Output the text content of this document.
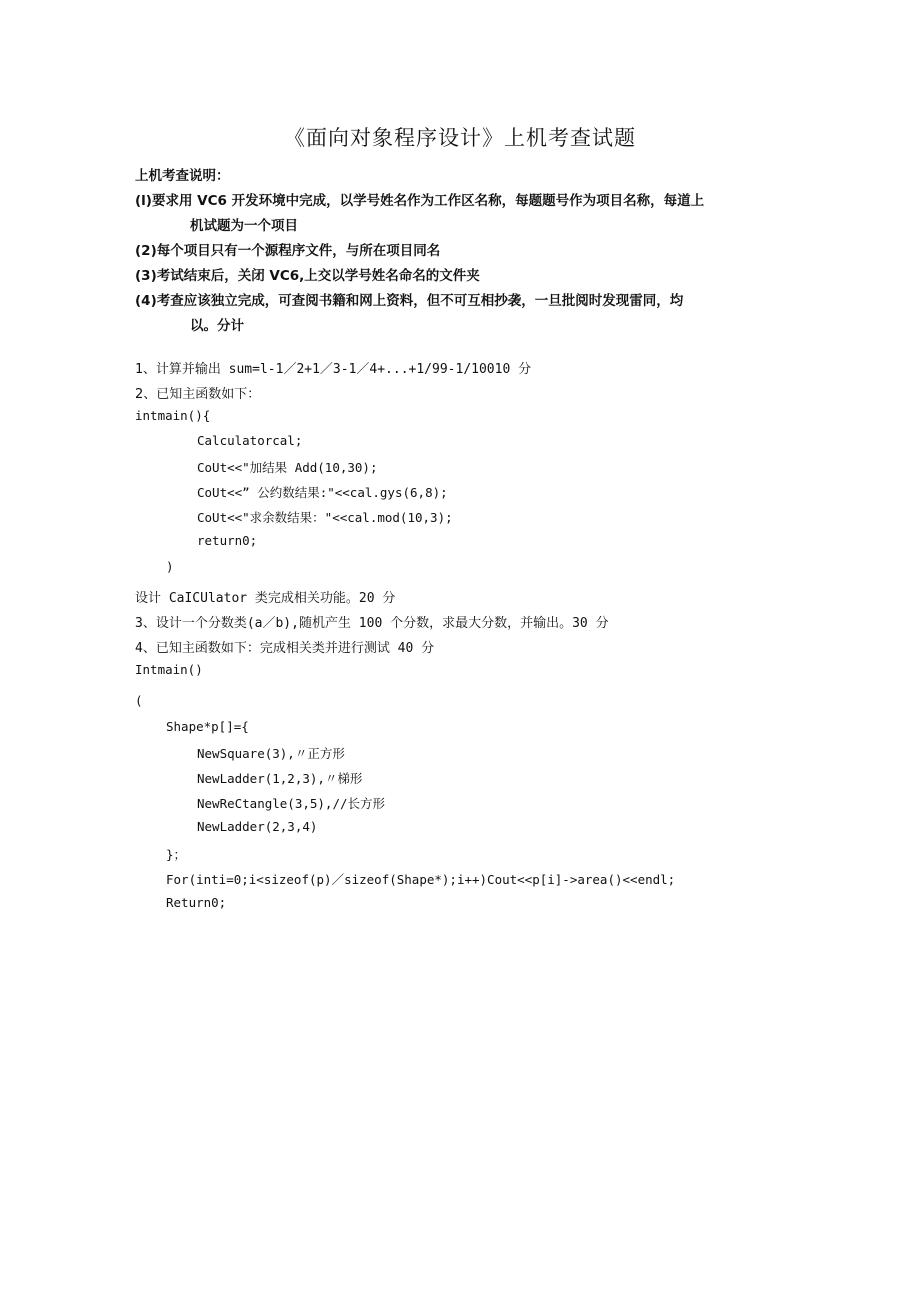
《面向对象程序设计》上机考查试题
上机考查说明：
(l)要求用 VC6 开发环境中完成，以学号姓名作为工作区名称，每题题号作为项目名称，每道上
机试题为一个项目
(2)每个项目只有一个源程序文件，与所在项目同名
(3)考试结束后，关闭 VC6,上交以学号姓名命名的文件夹
(4)考查应该独立完成，可查阅书籍和网上资料，但不可互相抄袭，一旦批阅时发现雷同，均
以。分计
1、计算并输出 sum=l-1／2+1／3-1／4+...+1/99-1/10010 分
2、已知主函数如下：
intmain(){
Calculatorcal;
CoUt<<"加结果 Add(10,30);
CoUt<<” 公约数结果:"<<cal.gys(6,8);
CoUt<<"求余数结果："<<cal.mod(10,3);
return0;
)
设计 CaICUlator 类完成相关功能。20 分
3、设计一个分数类(a／b),随机产生 100 个分数，求最大分数，并输出。30 分
4、已知主函数如下：完成相关类并进行测试 40 分
Intmain()
(
Shape*p[]={
NewSquare(3),〃正方形
NewLadder(1,2,3),〃梯形
NewReCtangle(3,5),//长方形
NewLadder(2,3,4)
}；
For(inti=0;i<sizeof(p)／sizeof(Shape*);i++)Cout<<p[i]->area()<<endl;
Return0;
